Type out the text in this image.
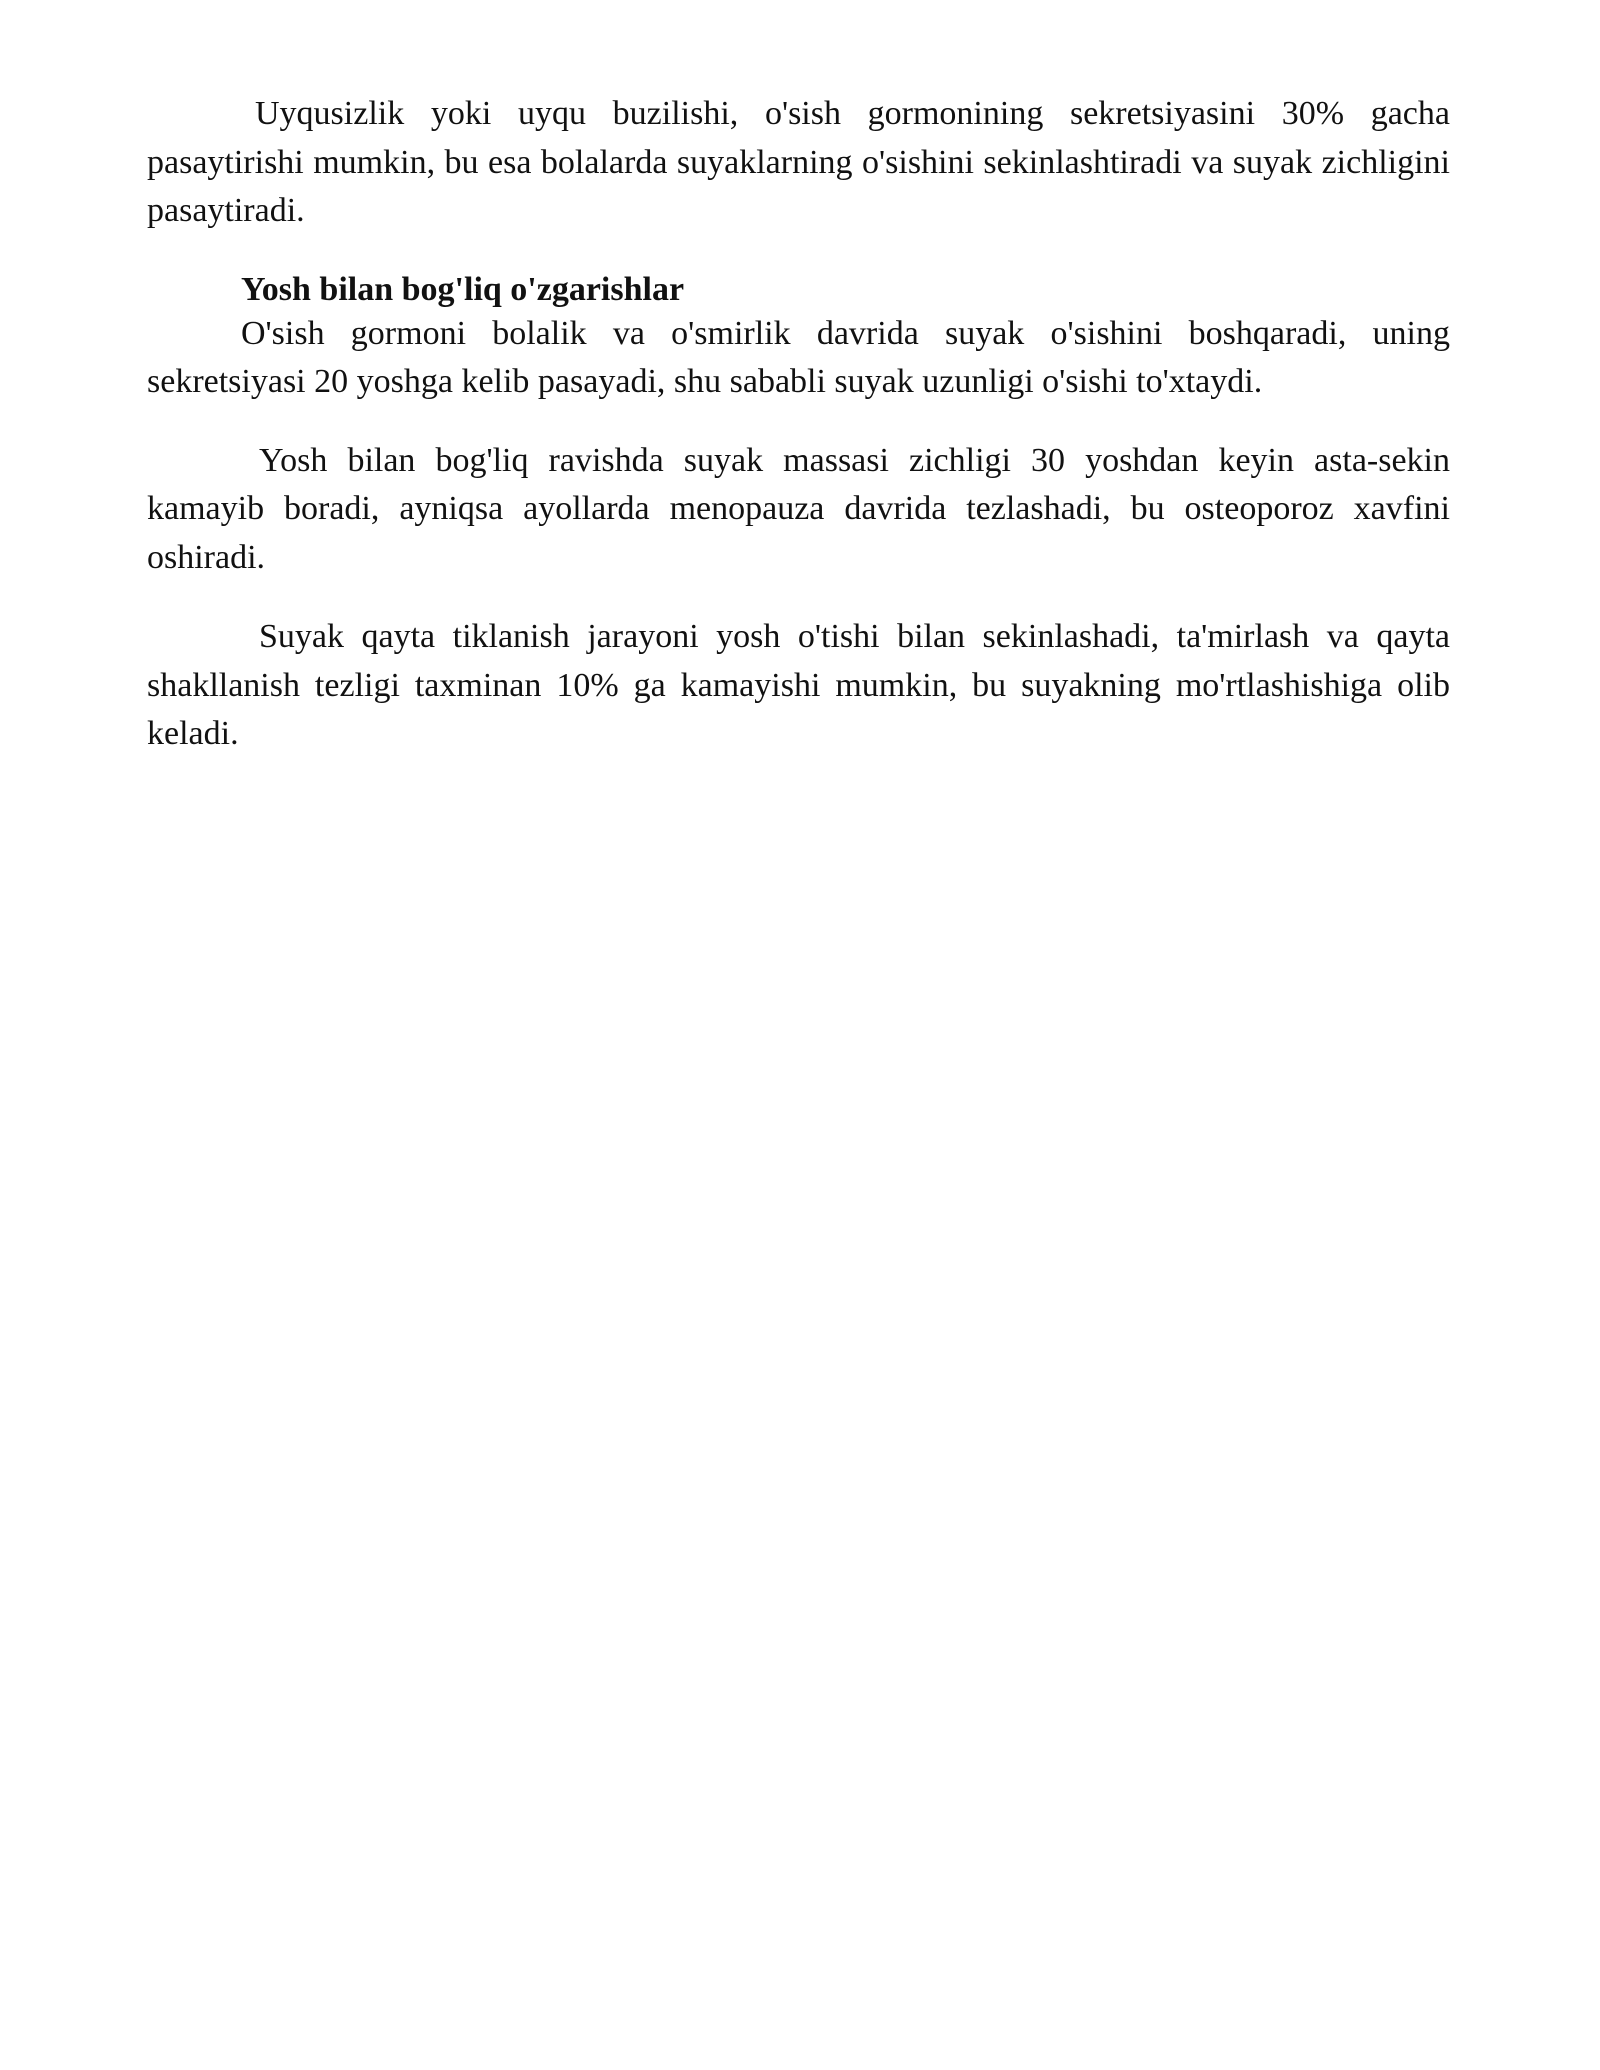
Uyqusizlik yoki uyqu buzilishi, o'sish gormonining sekretsiyasini 30% gacha pasaytirishi mumkin, bu esa bolalarda suyaklarning o'sishini sekinlashtiradi va suyak zichligini pasaytiradi.

Yosh bilan bog'liq o'zgarishlar

O'sish gormoni bolalik va o'smirlik davrida suyak o'sishini boshqaradi, uning sekretsiyasi 20 yoshga kelib pasayadi, shu sababli suyak uzunligi o'sishi to'xtaydi.

Yosh bilan bog'liq ravishda suyak massasi zichligi 30 yoshdan keyin asta-sekin kamayib boradi, ayniqsa ayollarda menopauza davrida tezlashadi, bu osteoporoz xavfini oshiradi.

Suyak qayta tiklanish jarayoni yosh o'tishi bilan sekinlashadi, ta'mirlash va qayta shakllanish tezligi taxminan 10% ga kamayishi mumkin, bu suyakning mo'rtlashishiga olib keladi.
